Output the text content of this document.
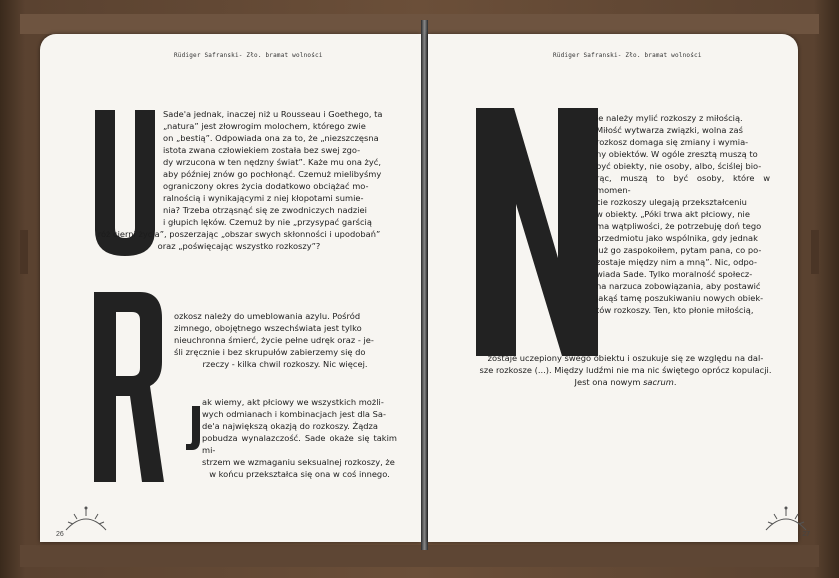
Rüdiger Safranski- Zło. bramat wolności

Sade'a jednak, inaczej niż u Rousseau i Goethego, ta

„natura” jest złowrogim molochem, którego zwie

on „bestią”. Odpowiada ona za to, że „niezszczęsna

istota zwana człowiekiem została bez swej zgo-

dy wrzucona w ten nędzny świat”. Każe mu ona żyć,

aby później znów go pochłonąć. Czemuż mielibyśmy

ograniczony okres życia dodatkowo obciążać mo-

ralnością i wynikającymi z niej kłopotami sumie-

nia? Trzeba otrząsnąć się ze zwodniczych nadziei

i głupich lęków. Czemuż by nie „przysypać garścią

róż cierni życia”, poszerzając „obszar swych skłonności i upodobań”

oraz „poświęcając wszystko rozkoszy”?

ozkosz należy do umeblowania azylu. Pośród

zimnego, obojętnego wszechświata jest tylko

nieuchronna śmierć, życie pełne udręk oraz - je-

śli zręcznie i bez skrupułów zabierzemy się do

rzeczy - kilka chwil rozkoszy. Nic więcej.

ak wiemy, akt płciowy we wszystkich możli-

wych odmianach i kombinacjach jest dla Sa-

de'a największą okazją do rozkoszy. Żądza

pobudza wynalazczość. Sade okaże się takim mi-

strzem we wzmaganiu seksualnej rozkoszy, że

w końcu przekształca się ona w coś innego.

26
Rüdiger Safranski- Zło. bramat wolności

ie należy mylić rozkoszy z miłością.

Miłość wytwarza związki, wolna zaś

rozkosz domaga się zmiany i wymia-

ny obiektów. W ogóle zresztą muszą to

być obiekty, nie osoby, albo, ściślej bio-

rąc, muszą to być osoby, które w momen-

cie rozkoszy ulegają przekształceniu

w obiekty. „Póki trwa akt płciowy, nie

ma wątpliwości, że potrzebuję doń tego

przedmiotu jako wspólnika, gdy jednak

już go zaspokoiłem, pytam pana, co po-

zostaje między nim a mną”. Nic, odpo-

wiada Sade. Tylko moralność społecz-

na narzuca zobowiązania, aby postawić

jakąś tamę poszukiwaniu nowych obiek-

tów rozkoszy. Ten, kto płonie miłością,

zostaje uczepiony swego obiektu i oszukuje się ze względu na dal-

sze rozkosze (...). Między ludźmi nie ma nic świętego oprócz kopulacji.

Jest ona nowym sacrum.

27
